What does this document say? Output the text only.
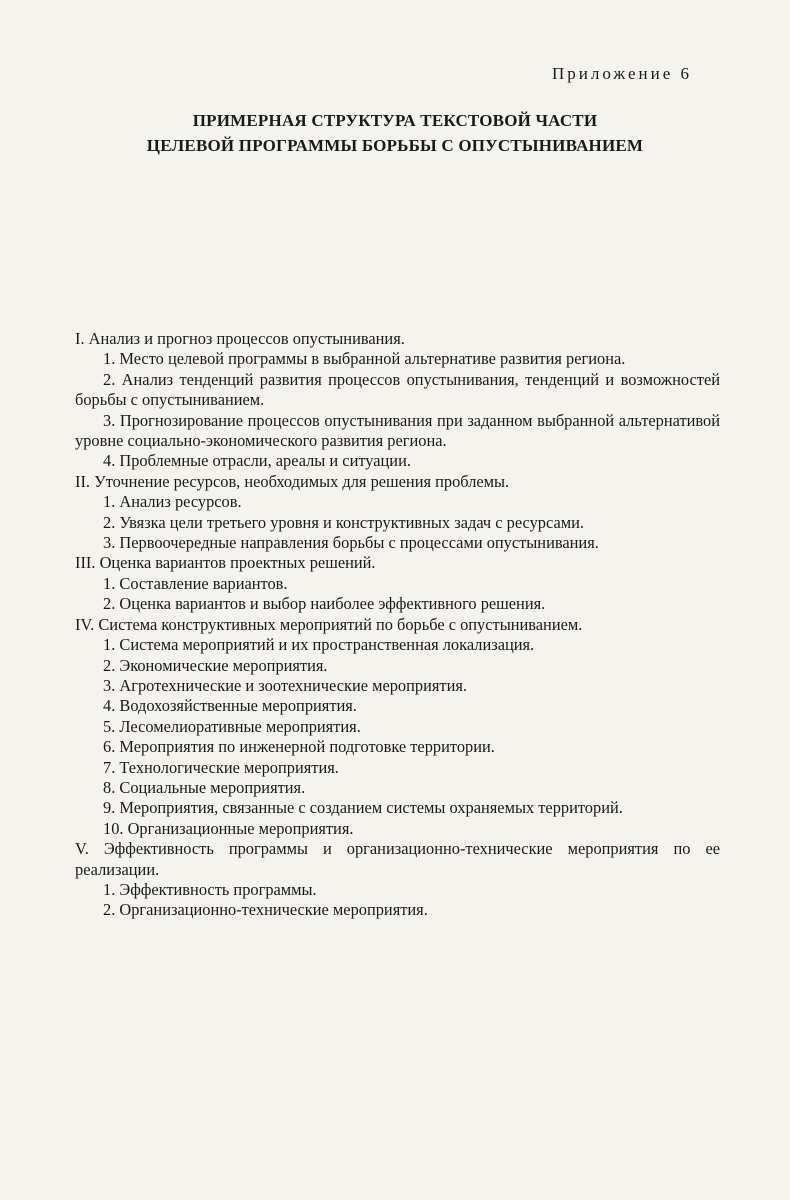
Приложение 6
ПРИМЕРНАЯ СТРУКТУРА ТЕКСТОВОЙ ЧАСТИ
ЦЕЛЕВОЙ ПРОГРАММЫ БОРЬБЫ С ОПУСТЫНИВАНИЕМ
I. Анализ и прогноз процессов опустынивания.
1. Место целевой программы в выбранной альтернативе развития региона.
2. Анализ тенденций развития процессов опустынивания, тенденций и возможностей борьбы с опустыниванием.
3. Прогнозирование процессов опустынивания при заданном выбранной альтернативой уровне социально-экономического развития региона.
4. Проблемные отрасли, ареалы и ситуации.
II. Уточнение ресурсов, необходимых для решения проблемы.
1. Анализ ресурсов.
2. Увязка цели третьего уровня и конструктивных задач с ресурсами.
3. Первоочередные направления борьбы с процессами опустынивания.
III. Оценка вариантов проектных решений.
1. Составление вариантов.
2. Оценка вариантов и выбор наиболее эффективного решения.
IV. Система конструктивных мероприятий по борьбе с опустыниванием.
1. Система мероприятий и их пространственная локализация.
2. Экономические мероприятия.
3. Агротехнические и зоотехнические мероприятия.
4. Водохозяйственные мероприятия.
5. Лесомелиоративные мероприятия.
6. Мероприятия по инженерной подготовке территории.
7. Технологические мероприятия.
8. Социальные мероприятия.
9. Мероприятия, связанные с созданием системы охраняемых территорий.
10. Организационные мероприятия.
V. Эффективность программы и организационно-технические мероприятия по ее реализации.
1. Эффективность программы.
2. Организационно-технические мероприятия.
